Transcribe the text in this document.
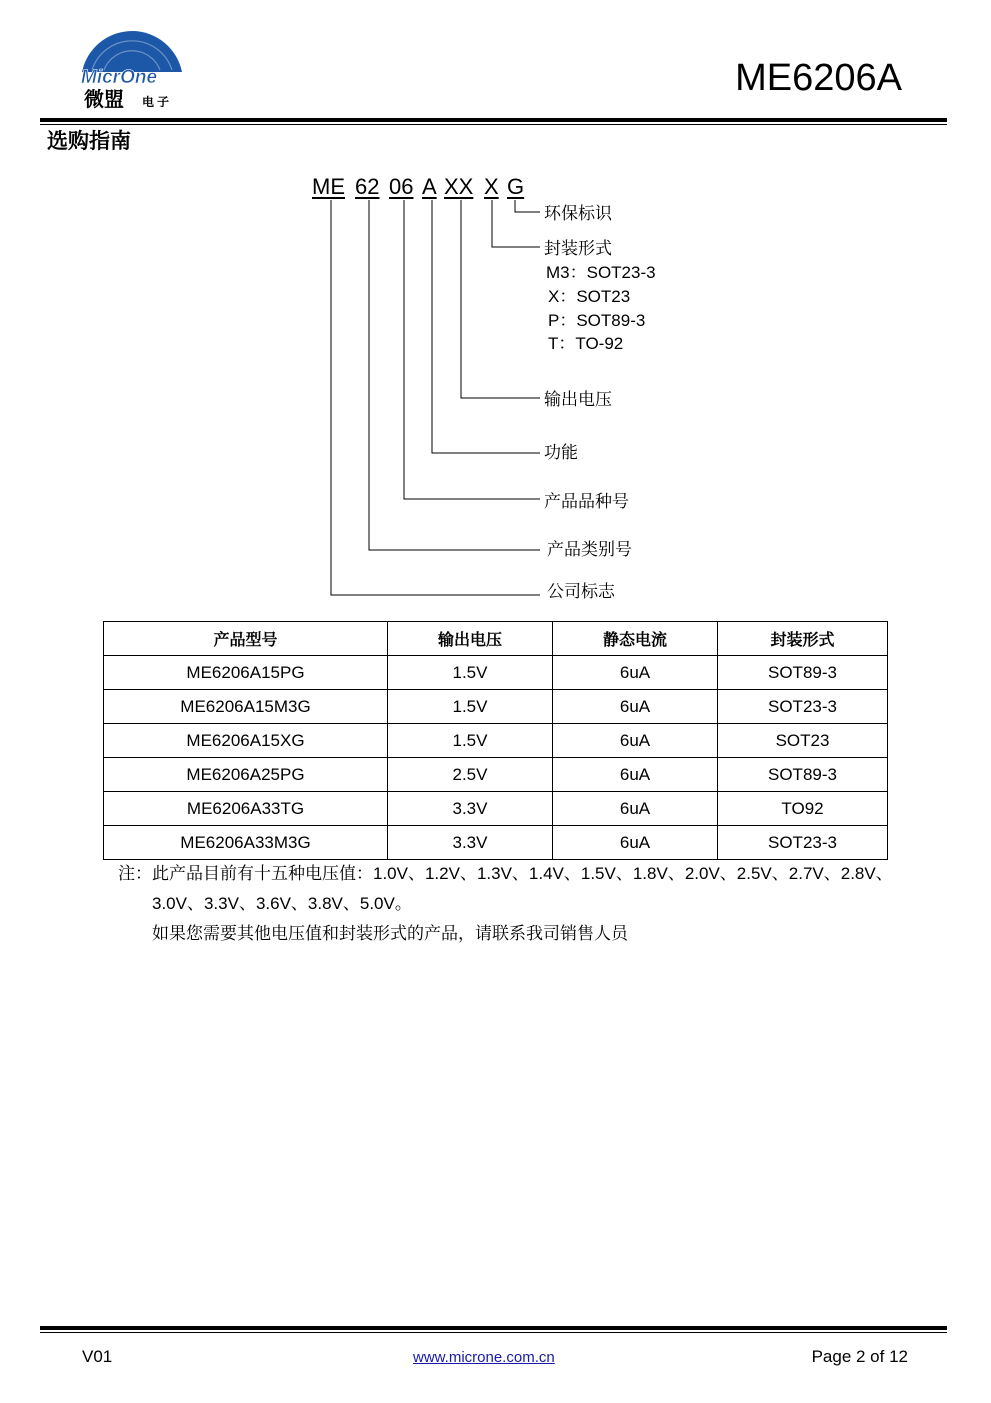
MicrOne
微盟 电子
ME6206A
选购指南
ME 62 06 A XX X G
环保标识
封装形式
M3：SOT23-3
X：SOT23
P：SOT89-3
T：TO-92
输出电压
功能
产品品种号
产品类别号
公司标志
产品型号	输出电压	静态电流	封装形式
ME6206A15PG	1.5V	6uA	SOT89-3
ME6206A15M3G	1.5V	6uA	SOT23-3
ME6206A15XG	1.5V	6uA	SOT23
ME6206A25PG	2.5V	6uA	SOT89-3
ME6206A33TG	3.3V	6uA	TO92
ME6206A33M3G	3.3V	6uA	SOT23-3
注：此产品目前有十五种电压值：1.0V、1.2V、1.3V、1.4V、1.5V、1.8V、2.0V、2.5V、2.7V、2.8V、
3.0V、3.3V、3.6V、3.8V、5.0V。
如果您需要其他电压值和封装形式的产品，请联系我司销售人员
V01	www.microne.com.cn	Page 2 of 12
